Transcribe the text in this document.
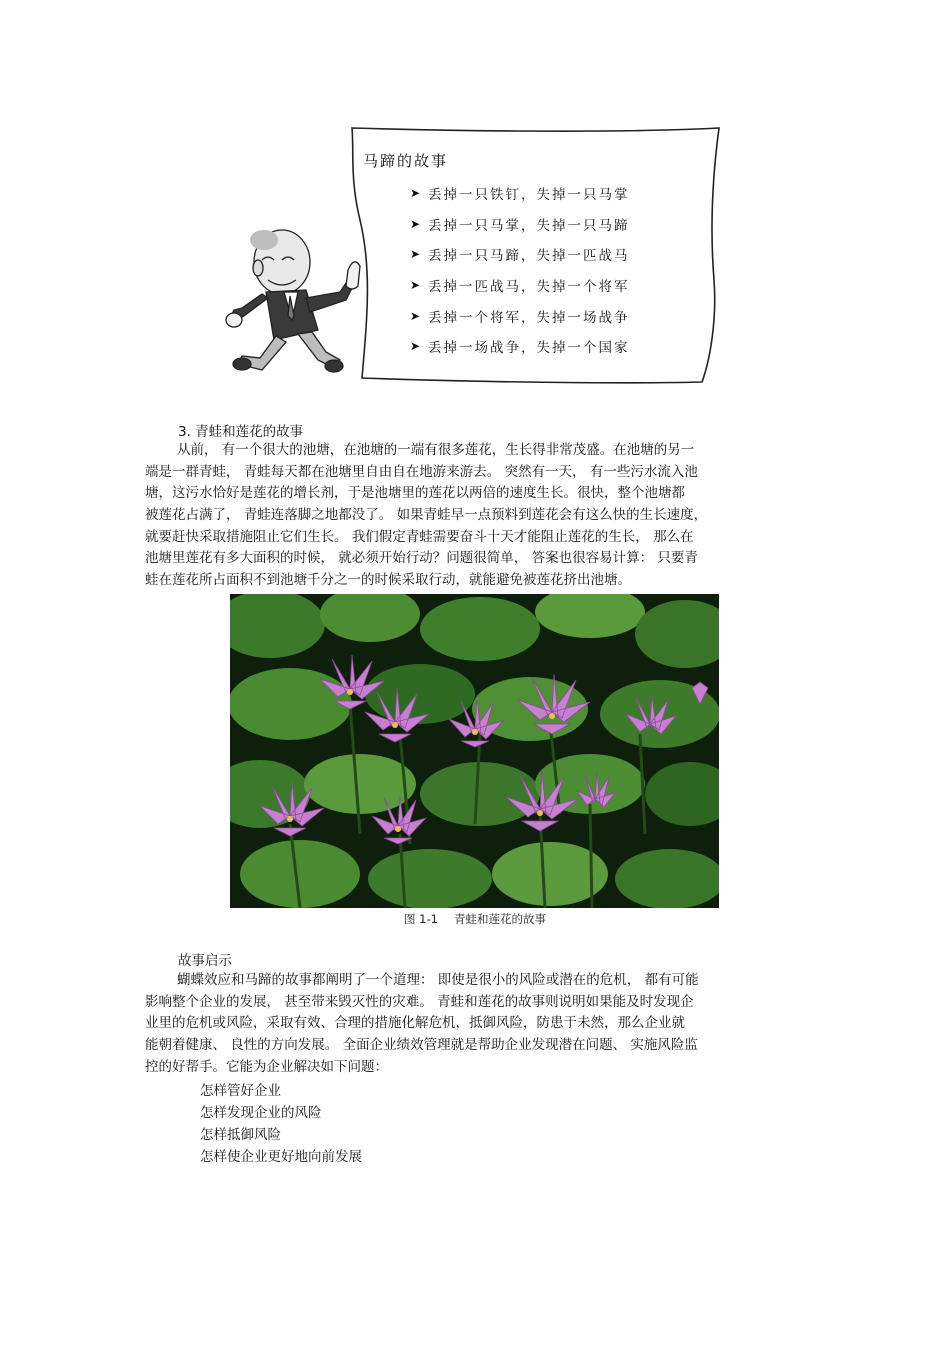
马蹄的故事
➤ 丢掉一只铁钉，失掉一只马掌
➤ 丢掉一只马掌，失掉一只马蹄
➤ 丢掉一只马蹄，失掉一匹战马
➤ 丢掉一匹战马，失掉一个将军
➤ 丢掉一个将军，失掉一场战争
➤ 丢掉一场战争，失掉一个国家
3. 青蛙和莲花的故事
从前， 有一个很大的池塘，在池塘的一端有很多莲花，生长得非常茂盛。在池塘的另一
端是一群青蛙， 青蛙每天都在池塘里自由自在地游来游去。 突然有一天， 有一些污水流入池
塘，这污水恰好是莲花的增长剂，于是池塘里的莲花以两倍的速度生长。很快，整个池塘都
被莲花占满了， 青蛙连落脚之地都没了。 如果青蛙早一点预料到莲花会有这么快的生长速度，
就要赶快采取措施阻止它们生长。 我们假定青蛙需要奋斗十天才能阻止莲花的生长， 那么在
池塘里莲花有多大面积的时候， 就必须开始行动？问题很简单， 答案也很容易计算： 只要青
蛙在莲花所占面积不到池塘千分之一的时候采取行动，就能避免被莲花挤出池塘。
图 1-1 青蛙和莲花的故事
故事启示
蝴蝶效应和马蹄的故事都阐明了一个道理： 即使是很小的风险或潜在的危机， 都有可能
影响整个企业的发展， 甚至带来毁灭性的灾难。 青蛙和莲花的故事则说明如果能及时发现企
业里的危机或风险，采取有效、合理的措施化解危机，抵御风险，防患于未然，那么企业就
能朝着健康、 良性的方向发展。 全面企业绩效管理就是帮助企业发现潜在问题、 实施风险监
控的好帮手。它能为企业解决如下问题：
怎样管好企业
怎样发现企业的风险
怎样抵御风险
怎样使企业更好地向前发展
